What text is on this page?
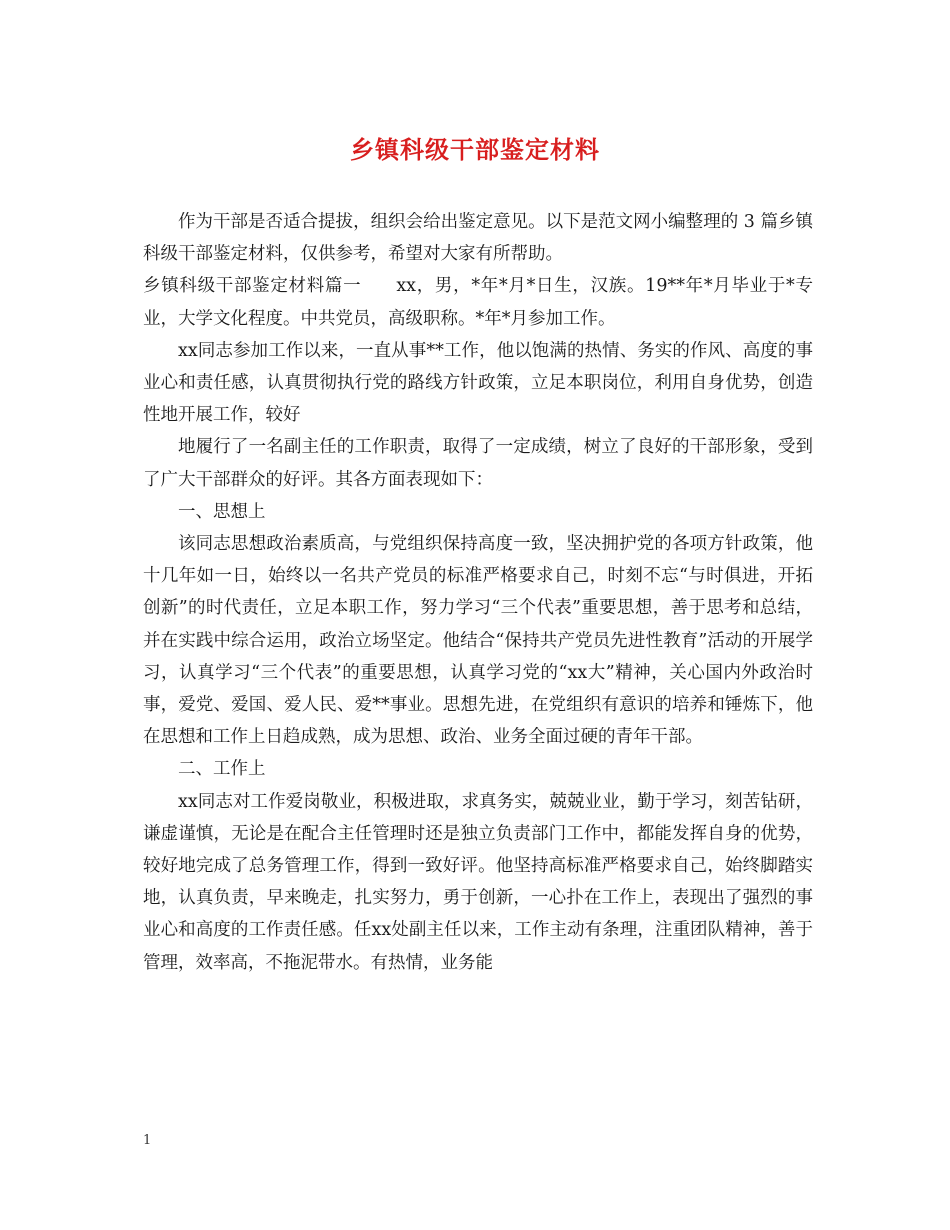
乡镇科级干部鉴定材料

作为干部是否适合提拔，组织会给出鉴定意见。以下是范文网小编整理的 3 篇乡镇科级干部鉴定材料，仅供参考，希望对大家有所帮助。

乡镇科级干部鉴定材料篇一   xx，男，*年*月*日生，汉族。19**年*月毕业于*专业，大学文化程度。中共党员，高级职称。*年*月参加工作。

xx同志参加工作以来，一直从事**工作，他以饱满的热情、务实的作风、高度的事业心和责任感，认真贯彻执行党的路线方针政策，立足本职岗位，利用自身优势，创造性地开展工作，较好

地履行了一名副主任的工作职责，取得了一定成绩，树立了良好的干部形象，受到了广大干部群众的好评。其各方面表现如下：

一、思想上

该同志思想政治素质高，与党组织保持高度一致，坚决拥护党的各项方针政策，他十几年如一日，始终以一名共产党员的标准严格要求自己，时刻不忘“与时俱进，开拓创新”的时代责任，立足本职工作，努力学习“三个代表”重要思想，善于思考和总结，并在实践中综合运用，政治立场坚定。他结合“保持共产党员先进性教育”活动的开展学习，认真学习“三个代表”的重要思想，认真学习党的“xx大”精神，关心国内外政治时事，爱党、爱国、爱人民、爱**事业。思想先进，在党组织有意识的培养和锤炼下，他在思想和工作上日趋成熟，成为思想、政治、业务全面过硬的青年干部。

二、工作上

xx同志对工作爱岗敬业，积极进取，求真务实，兢兢业业，勤于学习，刻苦钻研，谦虚谨慎，无论是在配合主任管理时还是独立负责部门工作中，都能发挥自身的优势，较好地完成了总务管理工作，得到一致好评。他坚持高标准严格要求自己，始终脚踏实地，认真负责，早来晚走，扎实努力，勇于创新，一心扑在工作上，表现出了强烈的事业心和高度的工作责任感。任xx处副主任以来，工作主动有条理，注重团队精神，善于管理，效率高，不拖泥带水。有热情，业务能

1
